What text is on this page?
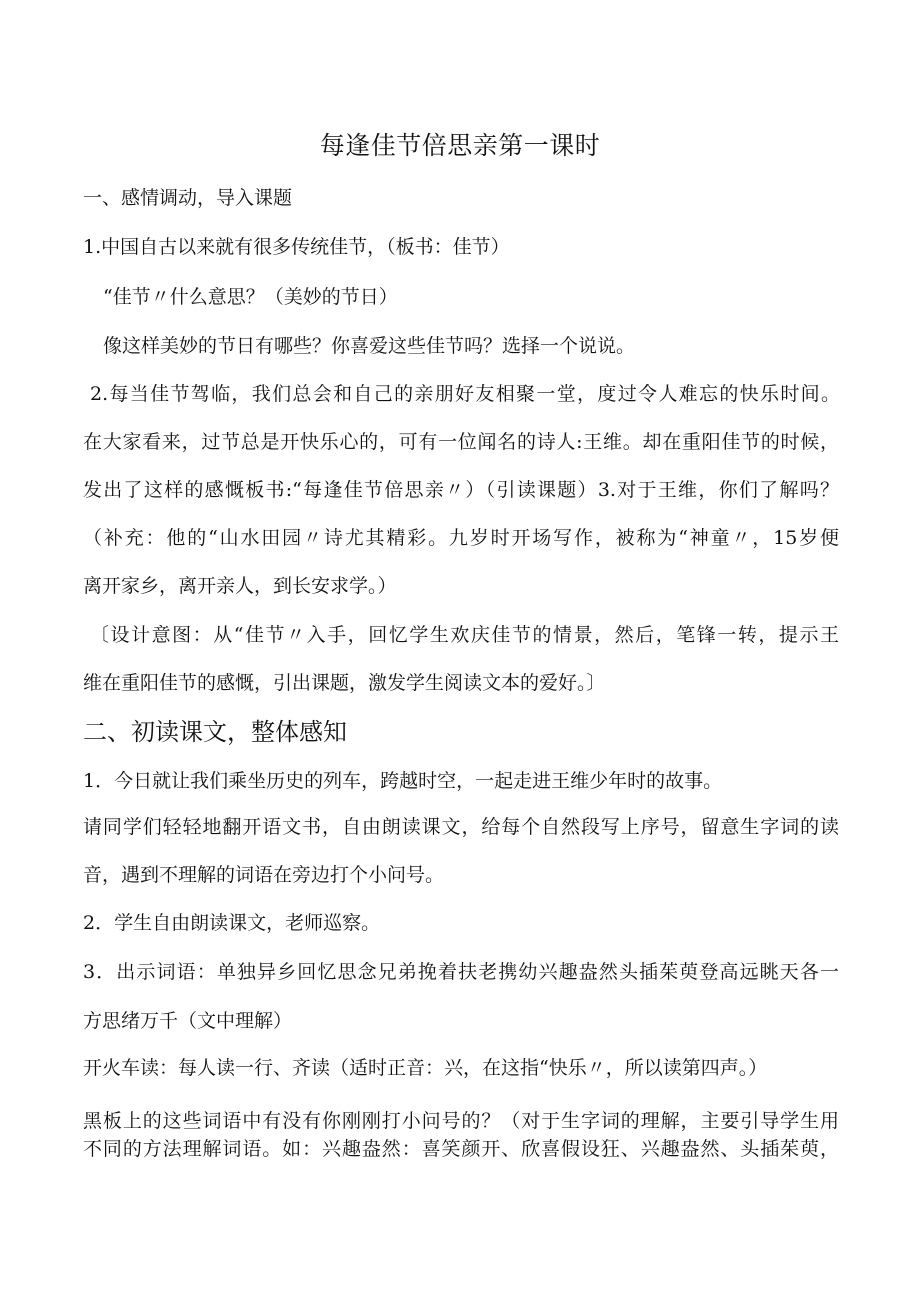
每逢佳节倍思亲第一课时
一、感情调动，导入课题
1.中国自古以来就有很多传统佳节，（板书：佳节）
“佳节〃什么意思？（美妙的节日）
像这样美妙的节日有哪些？你喜爱这些佳节吗？选择一个说说。
2.每当佳节驾临，我们总会和自己的亲朋好友相聚一堂，度过令人难忘的快乐时间。
在大家看来，过节总是开快乐心的，可有一位闻名的诗人:王维。却在重阳佳节的时候，
发出了这样的感慨板书:“每逢佳节倍思亲〃）（引读课题）3.对于王维，你们了解吗？
（补充：他的“山水田园〃诗尤其精彩。九岁时开场写作，被称为“神童〃，15岁便
离开家乡，离开亲人，到长安求学。）
〔设计意图：从“佳节〃入手，回忆学生欢庆佳节的情景，然后，笔锋一转，提示王
维在重阳佳节的感慨，引出课题，激发学生阅读文本的爱好。〕
二、初读课文，整体感知
1．今日就让我们乘坐历史的列车，跨越时空，一起走进王维少年时的故事。
请同学们轻轻地翻开语文书，自由朗读课文，给每个自然段写上序号，留意生字词的读
音，遇到不理解的词语在旁边打个小问号。
2．学生自由朗读课文，老师巡察。
3．出示词语：单独异乡回忆思念兄弟挽着扶老携幼兴趣盎然头插茱萸登高远眺天各一
方思绪万千（文中理解）
开火车读：每人读一行、齐读（适时正音：兴，在这指“快乐〃，所以读第四声。）
黑板上的这些词语中有没有你刚刚打小问号的？（对于生字词的理解，主要引导学生用
不同的方法理解词语。如：兴趣盎然：喜笑颜开、欣喜假设狂、兴趣盎然、头插茱萸，
